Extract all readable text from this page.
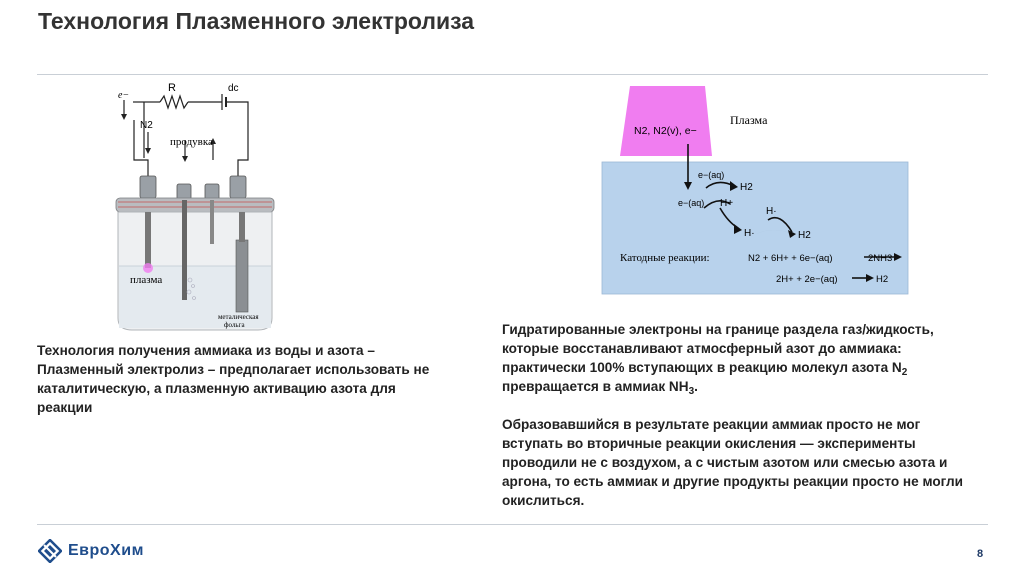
Технология Плазменного электролиза
e−
R	dc
N2
продувка
плазма
металическая
фольга
N2, N2(v), e−
Плазма
e−(aq)
H2
e−(aq) H+
H·
H·	H2
Катодные реакции:	N2 + 6H+ + 6e−(aq)	2NH3
2H+ + 2e−(aq)	H2
Технология получения аммиака из воды и азота –
Плазменный электролиз – предполагает использовать не
каталитическую, а плазменную активацию азота для
реакции
Гидратированные электроны на границе раздела газ/жидкость,
которые восстанавливают атмосферный азот до аммиака:
практически 100% вступающих в реакцию молекул азота $N_2$
превращается в аммиак $NH_3$.
Образовавшийся в результате реакции аммиак просто не мог
вступать во вторичные реакции окисления — эксперименты
проводили не с воздухом, а с чистым азотом или смесью азота и
аргона, то есть аммиак и другие продукты реакции просто не могли
окислиться.
ЕвроХим	8
